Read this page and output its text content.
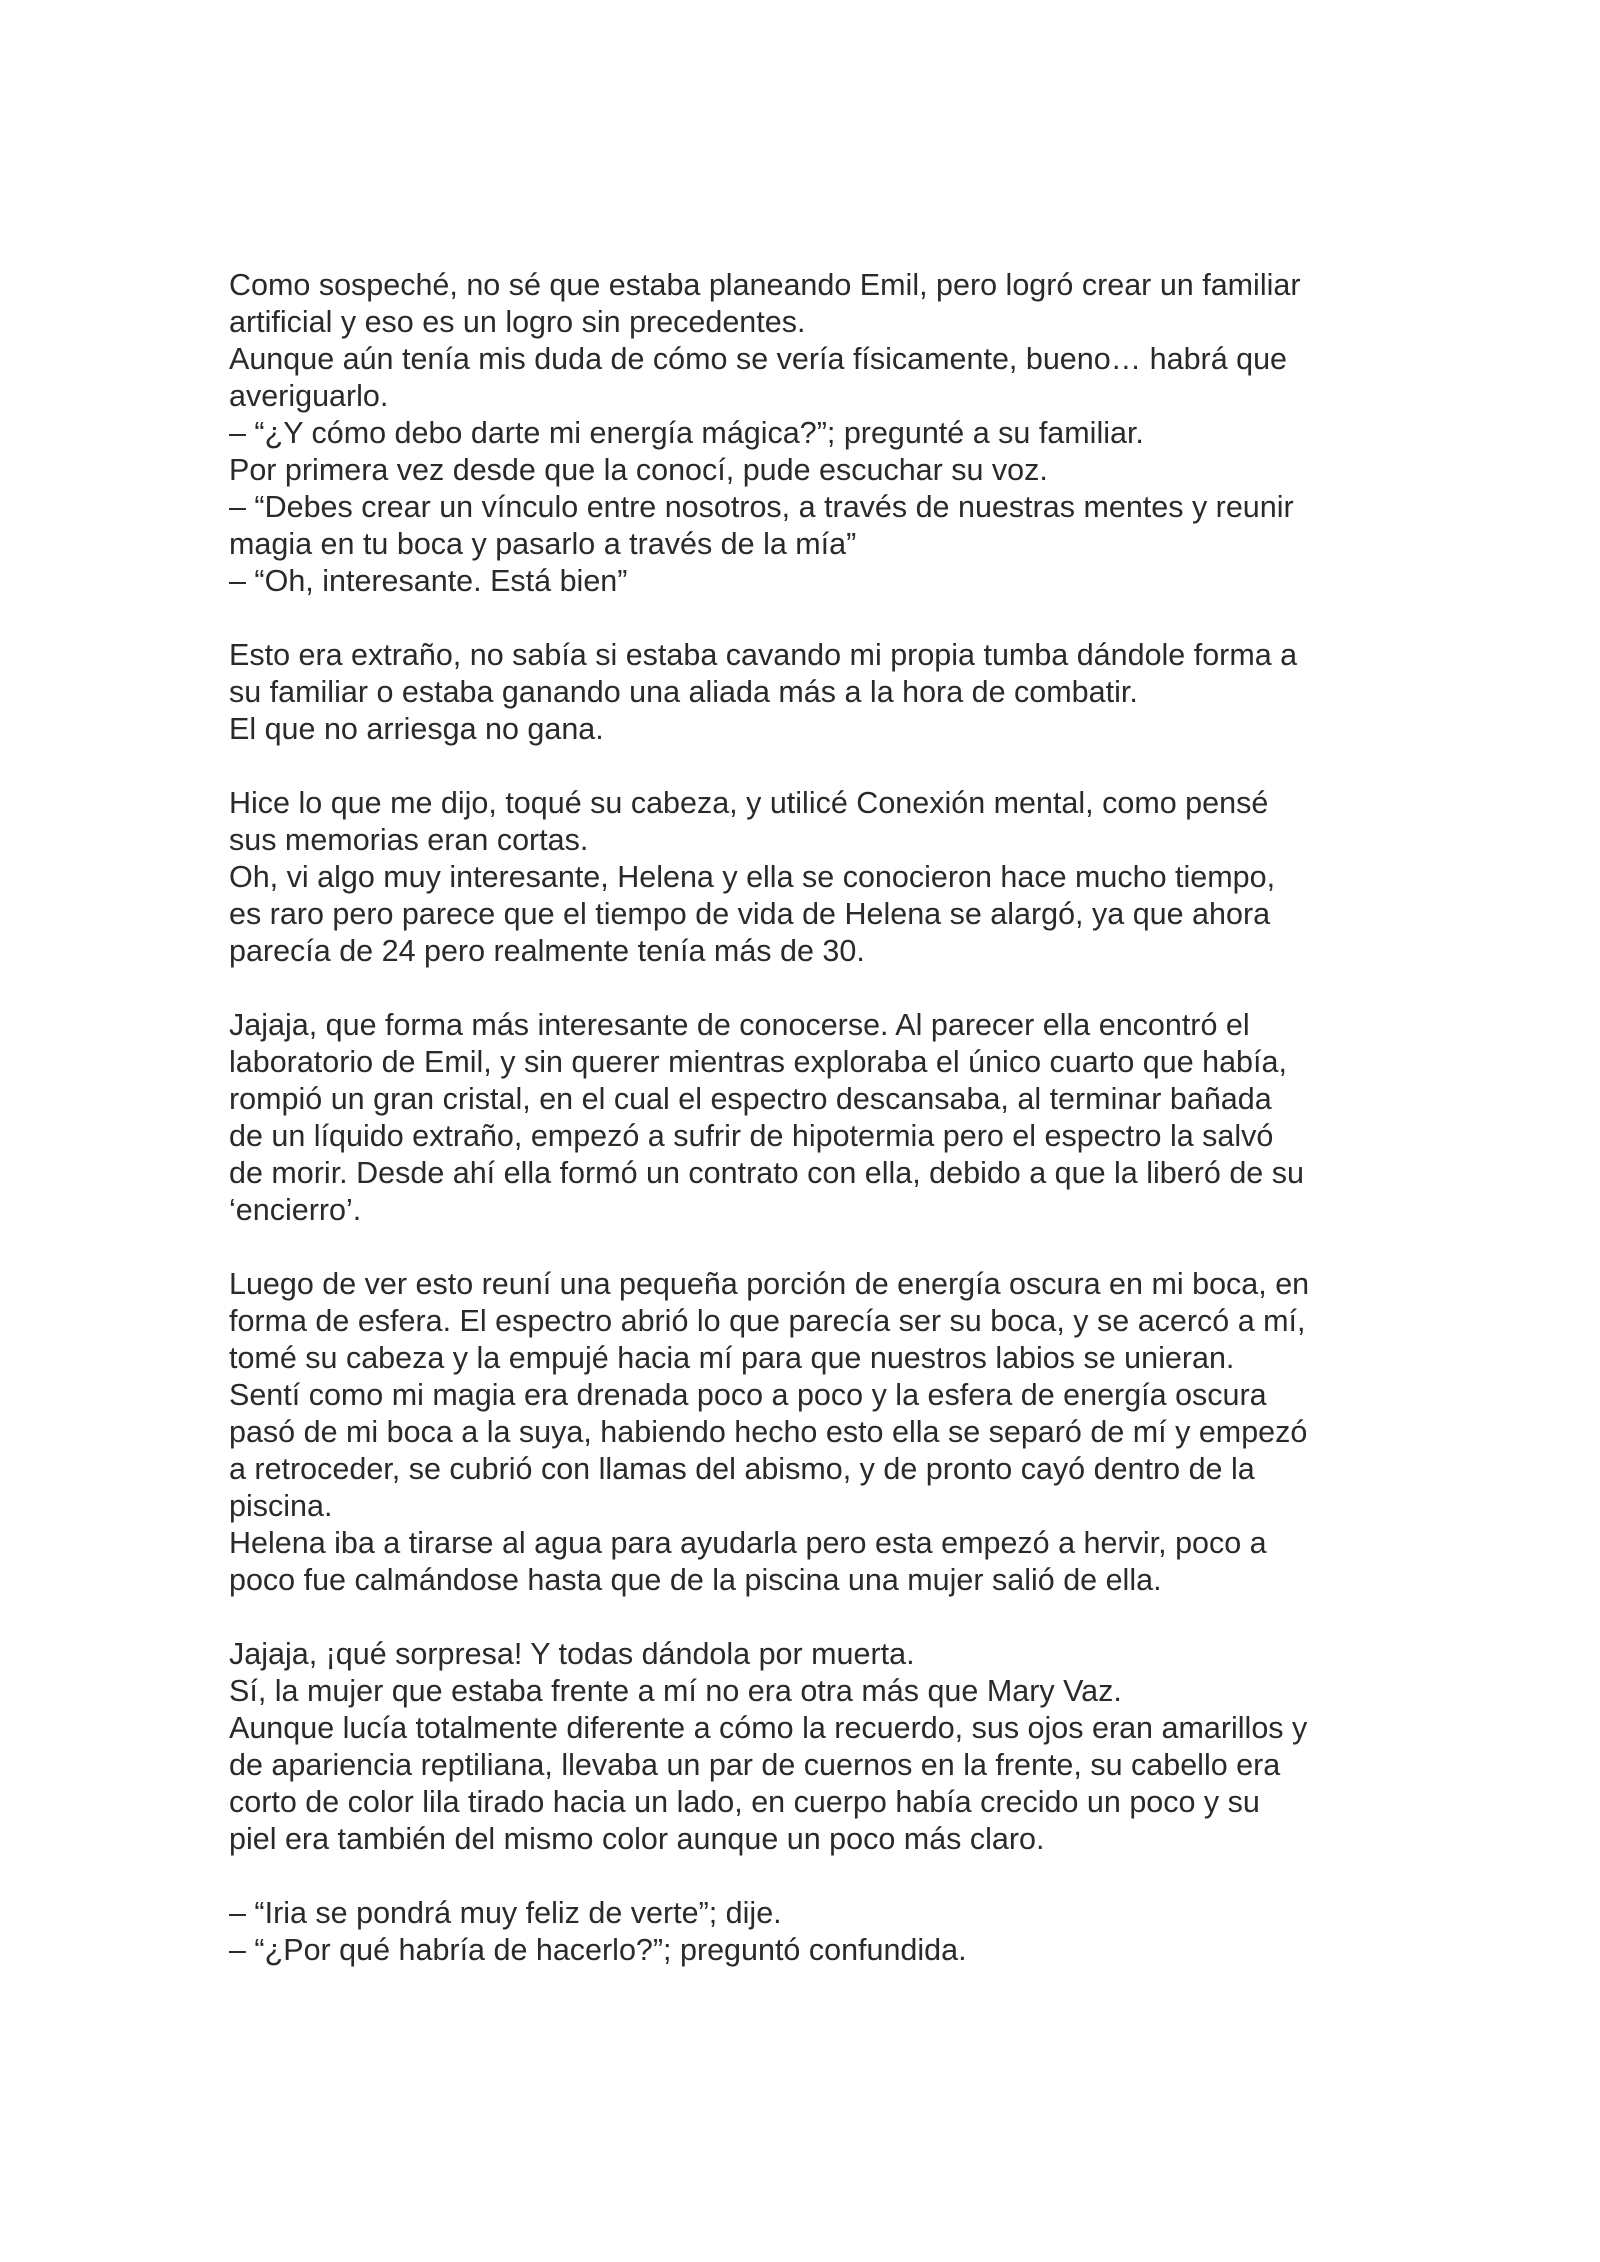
Como sospeché, no sé que estaba planeando Emil, pero logró crear un familiar
artificial y eso es un logro sin precedentes.
Aunque aún tenía mis duda de cómo se vería físicamente, bueno… habrá que
averiguarlo.
– “¿Y cómo debo darte mi energía mágica?”; pregunté a su familiar.
Por primera vez desde que la conocí, pude escuchar su voz.
– “Debes crear un vínculo entre nosotros, a través de nuestras mentes y reunir
magia en tu boca y pasarlo a través de la mía”
– “Oh, interesante. Está bien”
Esto era extraño, no sabía si estaba cavando mi propia tumba dándole forma a
su familiar o estaba ganando una aliada más a la hora de combatir.
El que no arriesga no gana.
Hice lo que me dijo, toqué su cabeza, y utilicé Conexión mental, como pensé
sus memorias eran cortas.
Oh, vi algo muy interesante, Helena y ella se conocieron hace mucho tiempo,
es raro pero parece que el tiempo de vida de Helena se alargó, ya que ahora
parecía de 24 pero realmente tenía más de 30.
Jajaja, que forma más interesante de conocerse. Al parecer ella encontró el
laboratorio de Emil, y sin querer mientras exploraba el único cuarto que había,
rompió un gran cristal, en el cual el espectro descansaba, al terminar bañada
de un líquido extraño, empezó a sufrir de hipotermia pero el espectro la salvó
de morir. Desde ahí ella formó un contrato con ella, debido a que la liberó de su
‘encierro’.
Luego de ver esto reuní una pequeña porción de energía oscura en mi boca, en
forma de esfera. El espectro abrió lo que parecía ser su boca, y se acercó a mí,
tomé su cabeza y la empujé hacia mí para que nuestros labios se unieran.
Sentí como mi magia era drenada poco a poco y la esfera de energía oscura
pasó de mi boca a la suya, habiendo hecho esto ella se separó de mí y empezó
a retroceder, se cubrió con llamas del abismo, y de pronto cayó dentro de la
piscina.
Helena iba a tirarse al agua para ayudarla pero esta empezó a hervir, poco a
poco fue calmándose hasta que de la piscina una mujer salió de ella.
Jajaja, ¡qué sorpresa! Y todas dándola por muerta.
Sí, la mujer que estaba frente a mí no era otra más que Mary Vaz.
Aunque lucía totalmente diferente a cómo la recuerdo, sus ojos eran amarillos y
de apariencia reptiliana, llevaba un par de cuernos en la frente, su cabello era
corto de color lila tirado hacia un lado, en cuerpo había crecido un poco y su
piel era también del mismo color aunque un poco más claro.
– “Iria se pondrá muy feliz de verte”; dije.
– “¿Por qué habría de hacerlo?”; preguntó confundida.
